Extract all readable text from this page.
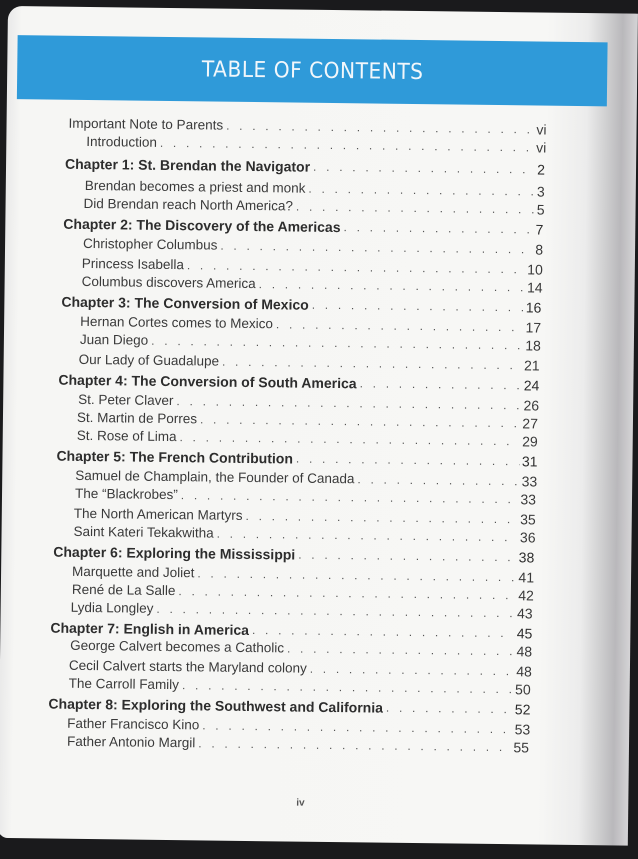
TABLE OF CONTENTS
Important Note to Parents . . .	vi
Introduction . . .	vi
Chapter 1: St. Brendan the Navigator . . .	2
Brendan becomes a priest and monk . . .	3
Did Brendan reach North America? . . .	5
Chapter 2: The Discovery of the Americas . . .	7
Christopher Columbus . . .	8
Princess Isabella . . .	10
Columbus discovers America . . .	14
Chapter 3: The Conversion of Mexico . . .	16
Hernan Cortes comes to Mexico . . .	17
Juan Diego . . .	18
Our Lady of Guadalupe . . .	21
Chapter 4: The Conversion of South America . . .	24
St. Peter Claver . . .	26
St. Martin de Porres . . .	27
St. Rose of Lima . . .	29
Chapter 5: The French Contribution . . .	31
Samuel de Champlain, the Founder of Canada . . .	33
The “Blackrobes” . . .	33
The North American Martyrs . . .	35
Saint Kateri Tekakwitha . . .	36
Chapter 6: Exploring the Mississippi . . .	38
Marquette and Joliet . . .	41
René de La Salle . . .	42
Lydia Longley . . .	43
Chapter 7: English in America . . .	45
George Calvert becomes a Catholic . . .	48
Cecil Calvert starts the Maryland colony . . .	48
The Carroll Family . . .	50
Chapter 8: Exploring the Southwest and California . . .	52
Father Francisco Kino . . .	53
Father Antonio Margil . . .	55
iv
